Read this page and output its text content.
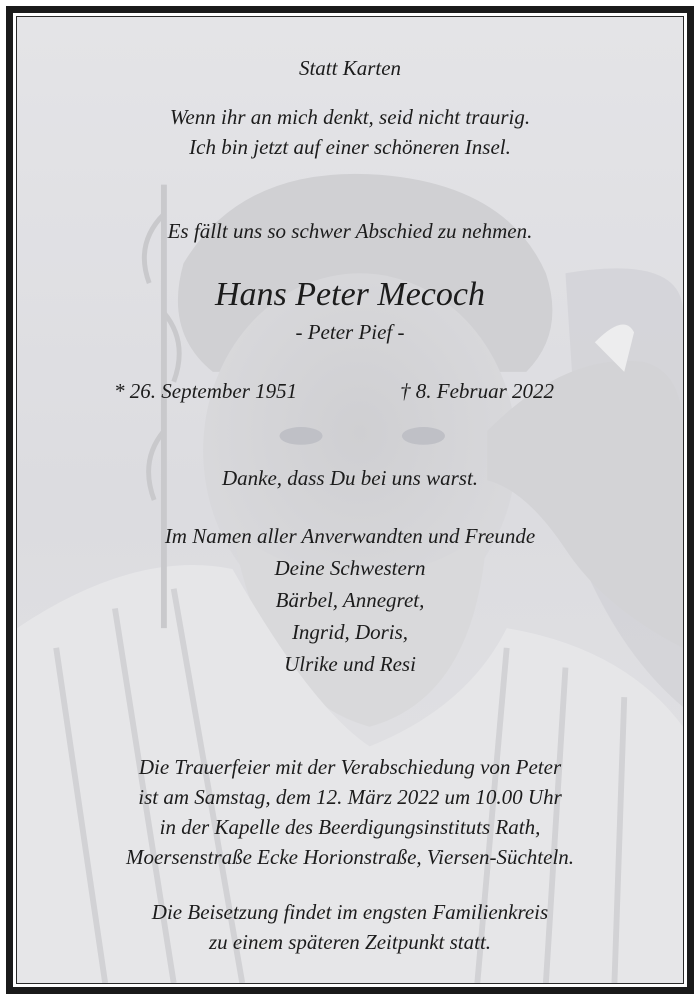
Statt Karten
Wenn ihr an mich denkt, seid nicht traurig.
Ich bin jetzt auf einer schöneren Insel.
Es fällt uns so schwer Abschied zu nehmen.
Hans Peter Mecoch
- Peter Pief -
* 26. September 1951	† 8. Februar 2022
Danke, dass Du bei uns warst.
Im Namen aller Anverwandten und Freunde
Deine Schwestern
Bärbel, Annegret,
Ingrid, Doris,
Ulrike und Resi
Die Trauerfeier mit der Verabschiedung von Peter
ist am Samstag, dem 12. März 2022 um 10.00 Uhr
in der Kapelle des Beerdigungsinstituts Rath,
Moersenstraße Ecke Horionstraße, Viersen-Süchteln.
Die Beisetzung findet im engsten Familienkreis
zu einem späteren Zeitpunkt statt.
